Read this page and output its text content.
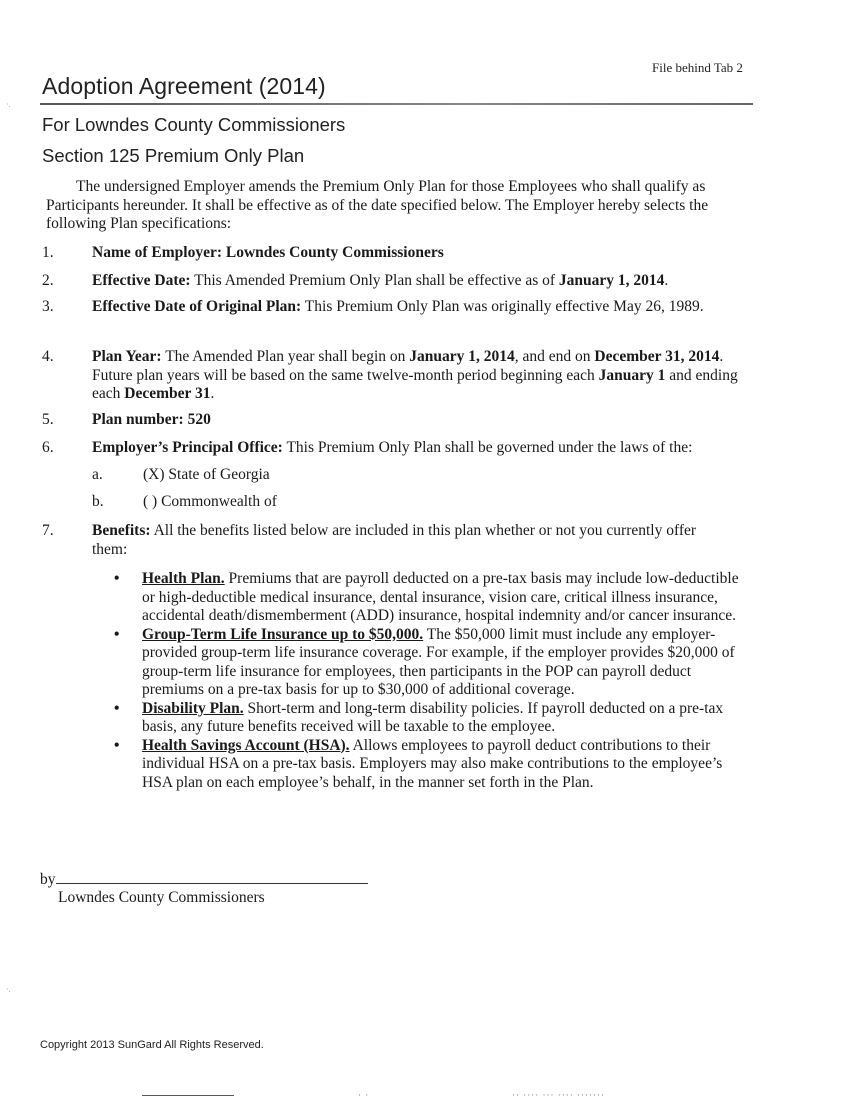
File behind Tab 2
Adoption Agreement (2014)
For Lowndes County Commissioners
Section 125 Premium Only Plan
The undersigned Employer amends the Premium Only Plan for those Employees who shall qualify as Participants hereunder. It shall be effective as of the date specified below. The Employer hereby selects the following Plan specifications:
1. Name of Employer: Lowndes County Commissioners
2. Effective Date: This Amended Premium Only Plan shall be effective as of January 1, 2014.
3. Effective Date of Original Plan: This Premium Only Plan was originally effective May 26, 1989.
4. Plan Year: The Amended Plan year shall begin on January 1, 2014, and end on December 31, 2014. Future plan years will be based on the same twelve-month period beginning each January 1 and ending each December 31.
5. Plan number: 520
6. Employer’s Principal Office: This Premium Only Plan shall be governed under the laws of the:
a.	(X) State of Georgia
b.	( ) Commonwealth of
7. Benefits: All the benefits listed below are included in this plan whether or not you currently offer them:
• Health Plan. Premiums that are payroll deducted on a pre-tax basis may include low-deductible or high-deductible medical insurance, dental insurance, vision care, critical illness insurance, accidental death/dismemberment (ADD) insurance, hospital indemnity and/or cancer insurance.
• Group-Term Life Insurance up to $50,000. The $50,000 limit must include any employer-provided group-term life insurance coverage. For example, if the employer provides $20,000 of group-term life insurance for employees, then participants in the POP can payroll deduct premiums on a pre-tax basis for up to $30,000 of additional coverage.
• Disability Plan. Short-term and long-term disability policies. If payroll deducted on a pre-tax basis, any future benefits received will be taxable to the employee.
• Health Savings Account (HSA). Allows employees to payroll deduct contributions to their individual HSA on a pre-tax basis. Employers may also make contributions to the employee’s HSA plan on each employee’s behalf, in the manner set forth in the Plan.
by
Lowndes County Commissioners
Copyright 2013 SunGard All Rights Reserved.
· ·	·· ···· ··· ···· ·······
·.
·.
